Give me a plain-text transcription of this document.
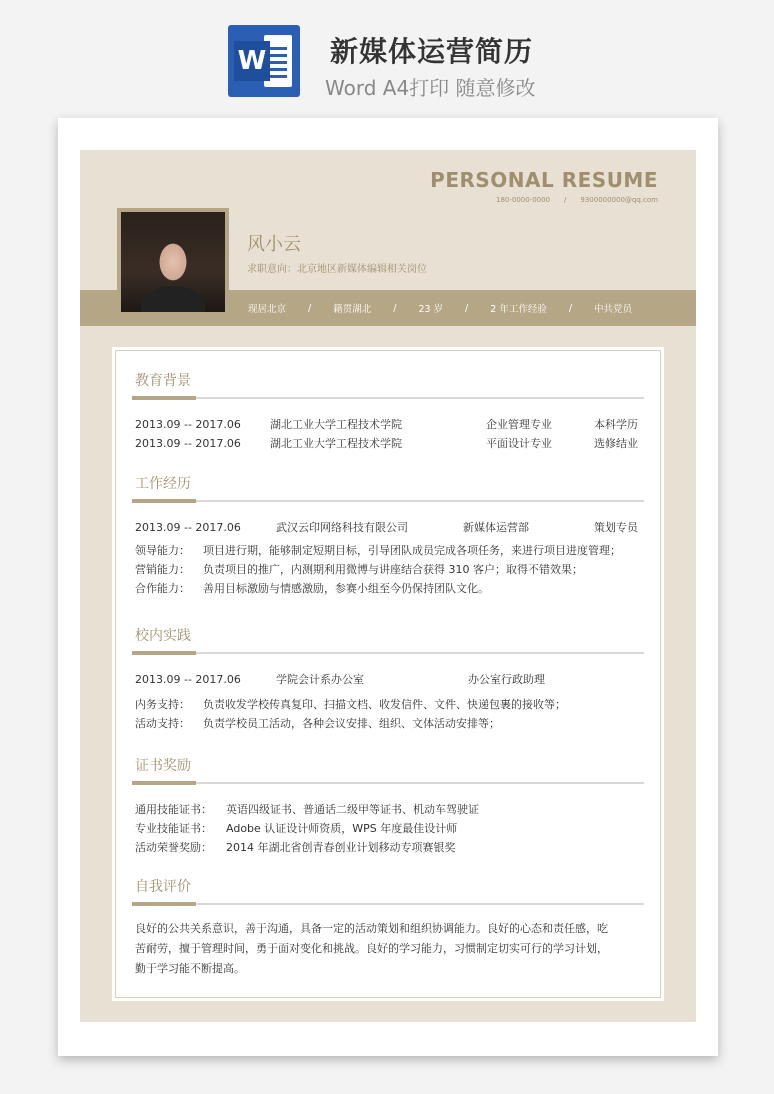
W 新媒体运营简历
Word A4打印 随意修改
PERSONAL RESUME
180-0000-0000 / 9300000000@qq.com
现居北京 / 籍贯湖北 / 23 岁 / 2 年工作经验 / 中共党员
风小云
求职意向：北京地区新媒体编辑相关岗位
教育背景
2013.09 -- 2017.06	湖北工业大学工程技术学院	企业管理专业	本科学历
2013.09 -- 2017.06	湖北工业大学工程技术学院	平面设计专业	选修结业
工作经历
2013.09 -- 2017.06	武汉云印网络科技有限公司	新媒体运营部	策划专员
领导能力： 项目进行期，能够制定短期目标，引导团队成员完成各项任务，来进行项目进度管理；
营销能力： 负责项目的推广，内测期利用微博与讲座结合获得 310 客户；取得不错效果；
合作能力： 善用目标激励与情感激励，参赛小组至今仍保持团队文化。
校内实践
2013.09 -- 2017.06	学院会计系办公室	办公室行政助理
内务支持： 负责收发学校传真复印、扫描文档、收发信件、文件、快递包裹的接收等；
活动支持： 负责学校员工活动，各种会议安排、组织、文体活动安排等；
证书奖励
通用技能证书： 英语四级证书、普通话二级甲等证书、机动车驾驶证
专业技能证书： Adobe 认证设计师资质，WPS 年度最佳设计师
活动荣誉奖励： 2014 年湖北省创青春创业计划移动专项赛银奖
自我评价
良好的公共关系意识，善于沟通，具备一定的活动策划和组织协调能力。良好的心态和责任感，吃
苦耐劳，擅于管理时间，勇于面对变化和挑战。良好的学习能力，习惯制定切实可行的学习计划，
勤于学习能不断提高。
